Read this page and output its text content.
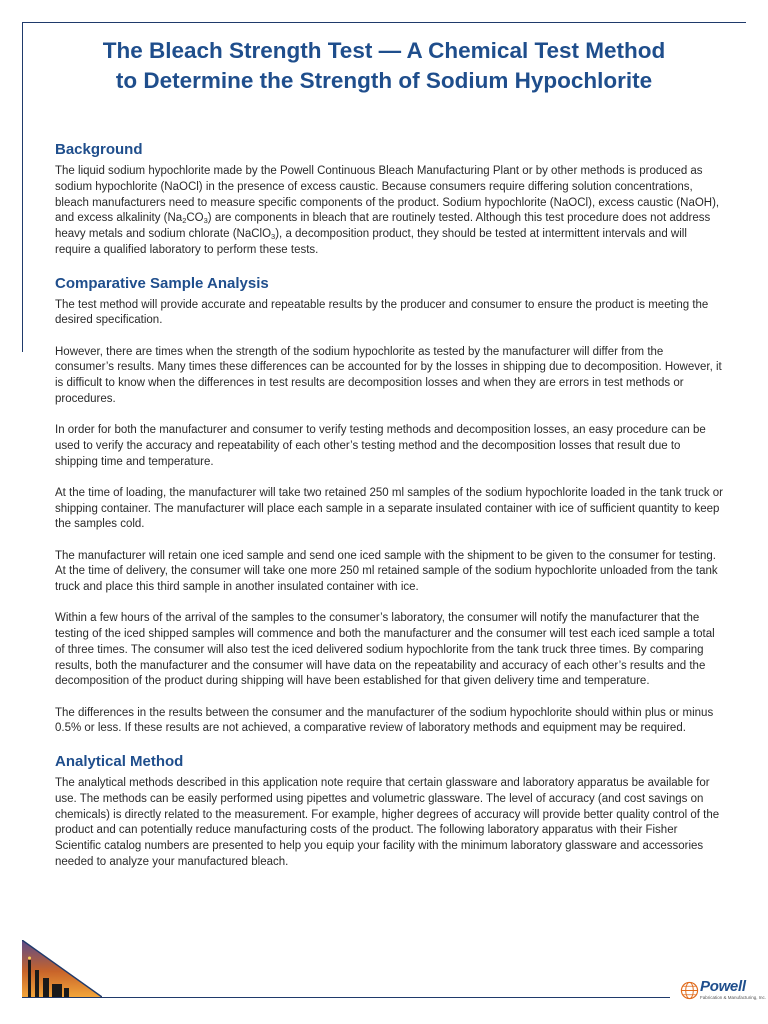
The Bleach Strength Test — A Chemical Test Method
to Determine the Strength of Sodium Hypochlorite
Background

The liquid sodium hypochlorite made by the Powell Continuous Bleach Manufacturing Plant or by other methods is produced as sodium hypochlorite (NaOCl) in the presence of excess caustic. Because consumers require differing solution concentrations, bleach manufacturers need to measure specific components of the product. Sodium hypochlorite (NaOCl), excess caustic (NaOH), and excess alkalinity $(Na_2CO_3)$ are components in bleach that are routinely tested. Although this test procedure does not address heavy metals and sodium chlorate (NaClO$_3$), a decomposition product, they should be tested at intermittent intervals and will require a qualified laboratory to perform these tests.

Comparative Sample Analysis

The test method will provide accurate and repeatable results by the producer and consumer to ensure the product is meeting the desired specification.

However, there are times when the strength of the sodium hypochlorite as tested by the manufacturer will differ from the consumer’s results. Many times these differences can be accounted for by the losses in shipping due to decomposition. However, it is difficult to know when the differences in test results are decomposition losses and when they are errors in test methods or procedures.

In order for both the manufacturer and consumer to verify testing methods and decomposition losses, an easy procedure can be used to verify the accuracy and repeatability of each other’s testing method and the decomposition losses that result due to shipping time and temperature.

At the time of loading, the manufacturer will take two retained 250 ml samples of the sodium hypochlorite loaded in the tank truck or shipping container. The manufacturer will place each sample in a separate insulated container with ice of sufficient quantity to keep the samples cold.

The manufacturer will retain one iced sample and send one iced sample with the shipment to be given to the consumer for testing. At the time of delivery, the consumer will take one more 250 ml retained sample of the sodium hypochlorite unloaded from the tank truck and place this third sample in another insulated container with ice.

Within a few hours of the arrival of the samples to the consumer’s laboratory, the consumer will notify the manufacturer that the testing of the iced shipped samples will commence and both the manufacturer and the consumer will test each iced sample a total of three times. The consumer will also test the iced delivered sodium hypochlorite from the tank truck three times. By comparing results, both the manufacturer and the consumer will have data on the repeatability and accuracy of each other’s results and the decomposition of the product during shipping will have been established for that given delivery time and temperature.

The differences in the results between the consumer and the manufacturer of the sodium hypochlorite should within plus or minus 0.5% or less. If these results are not achieved, a comparative review of laboratory methods and equipment may be required.

Analytical Method

The analytical methods described in this application note require that certain glassware and laboratory apparatus be available for use. The methods can be easily performed using pipettes and volumetric glassware. The level of accuracy (and cost savings on chemicals) is directly related to the measurement. For example, higher degrees of accuracy will provide better quality control of the product and can potentially reduce manufacturing costs of the product. The following laboratory apparatus with their Fisher Scientific catalog numbers are presented to help you equip your facility with the minimum laboratory glassware and accessories needed to analyze your manufactured bleach.

Powell
Fabrication & Manufacturing, Inc.
